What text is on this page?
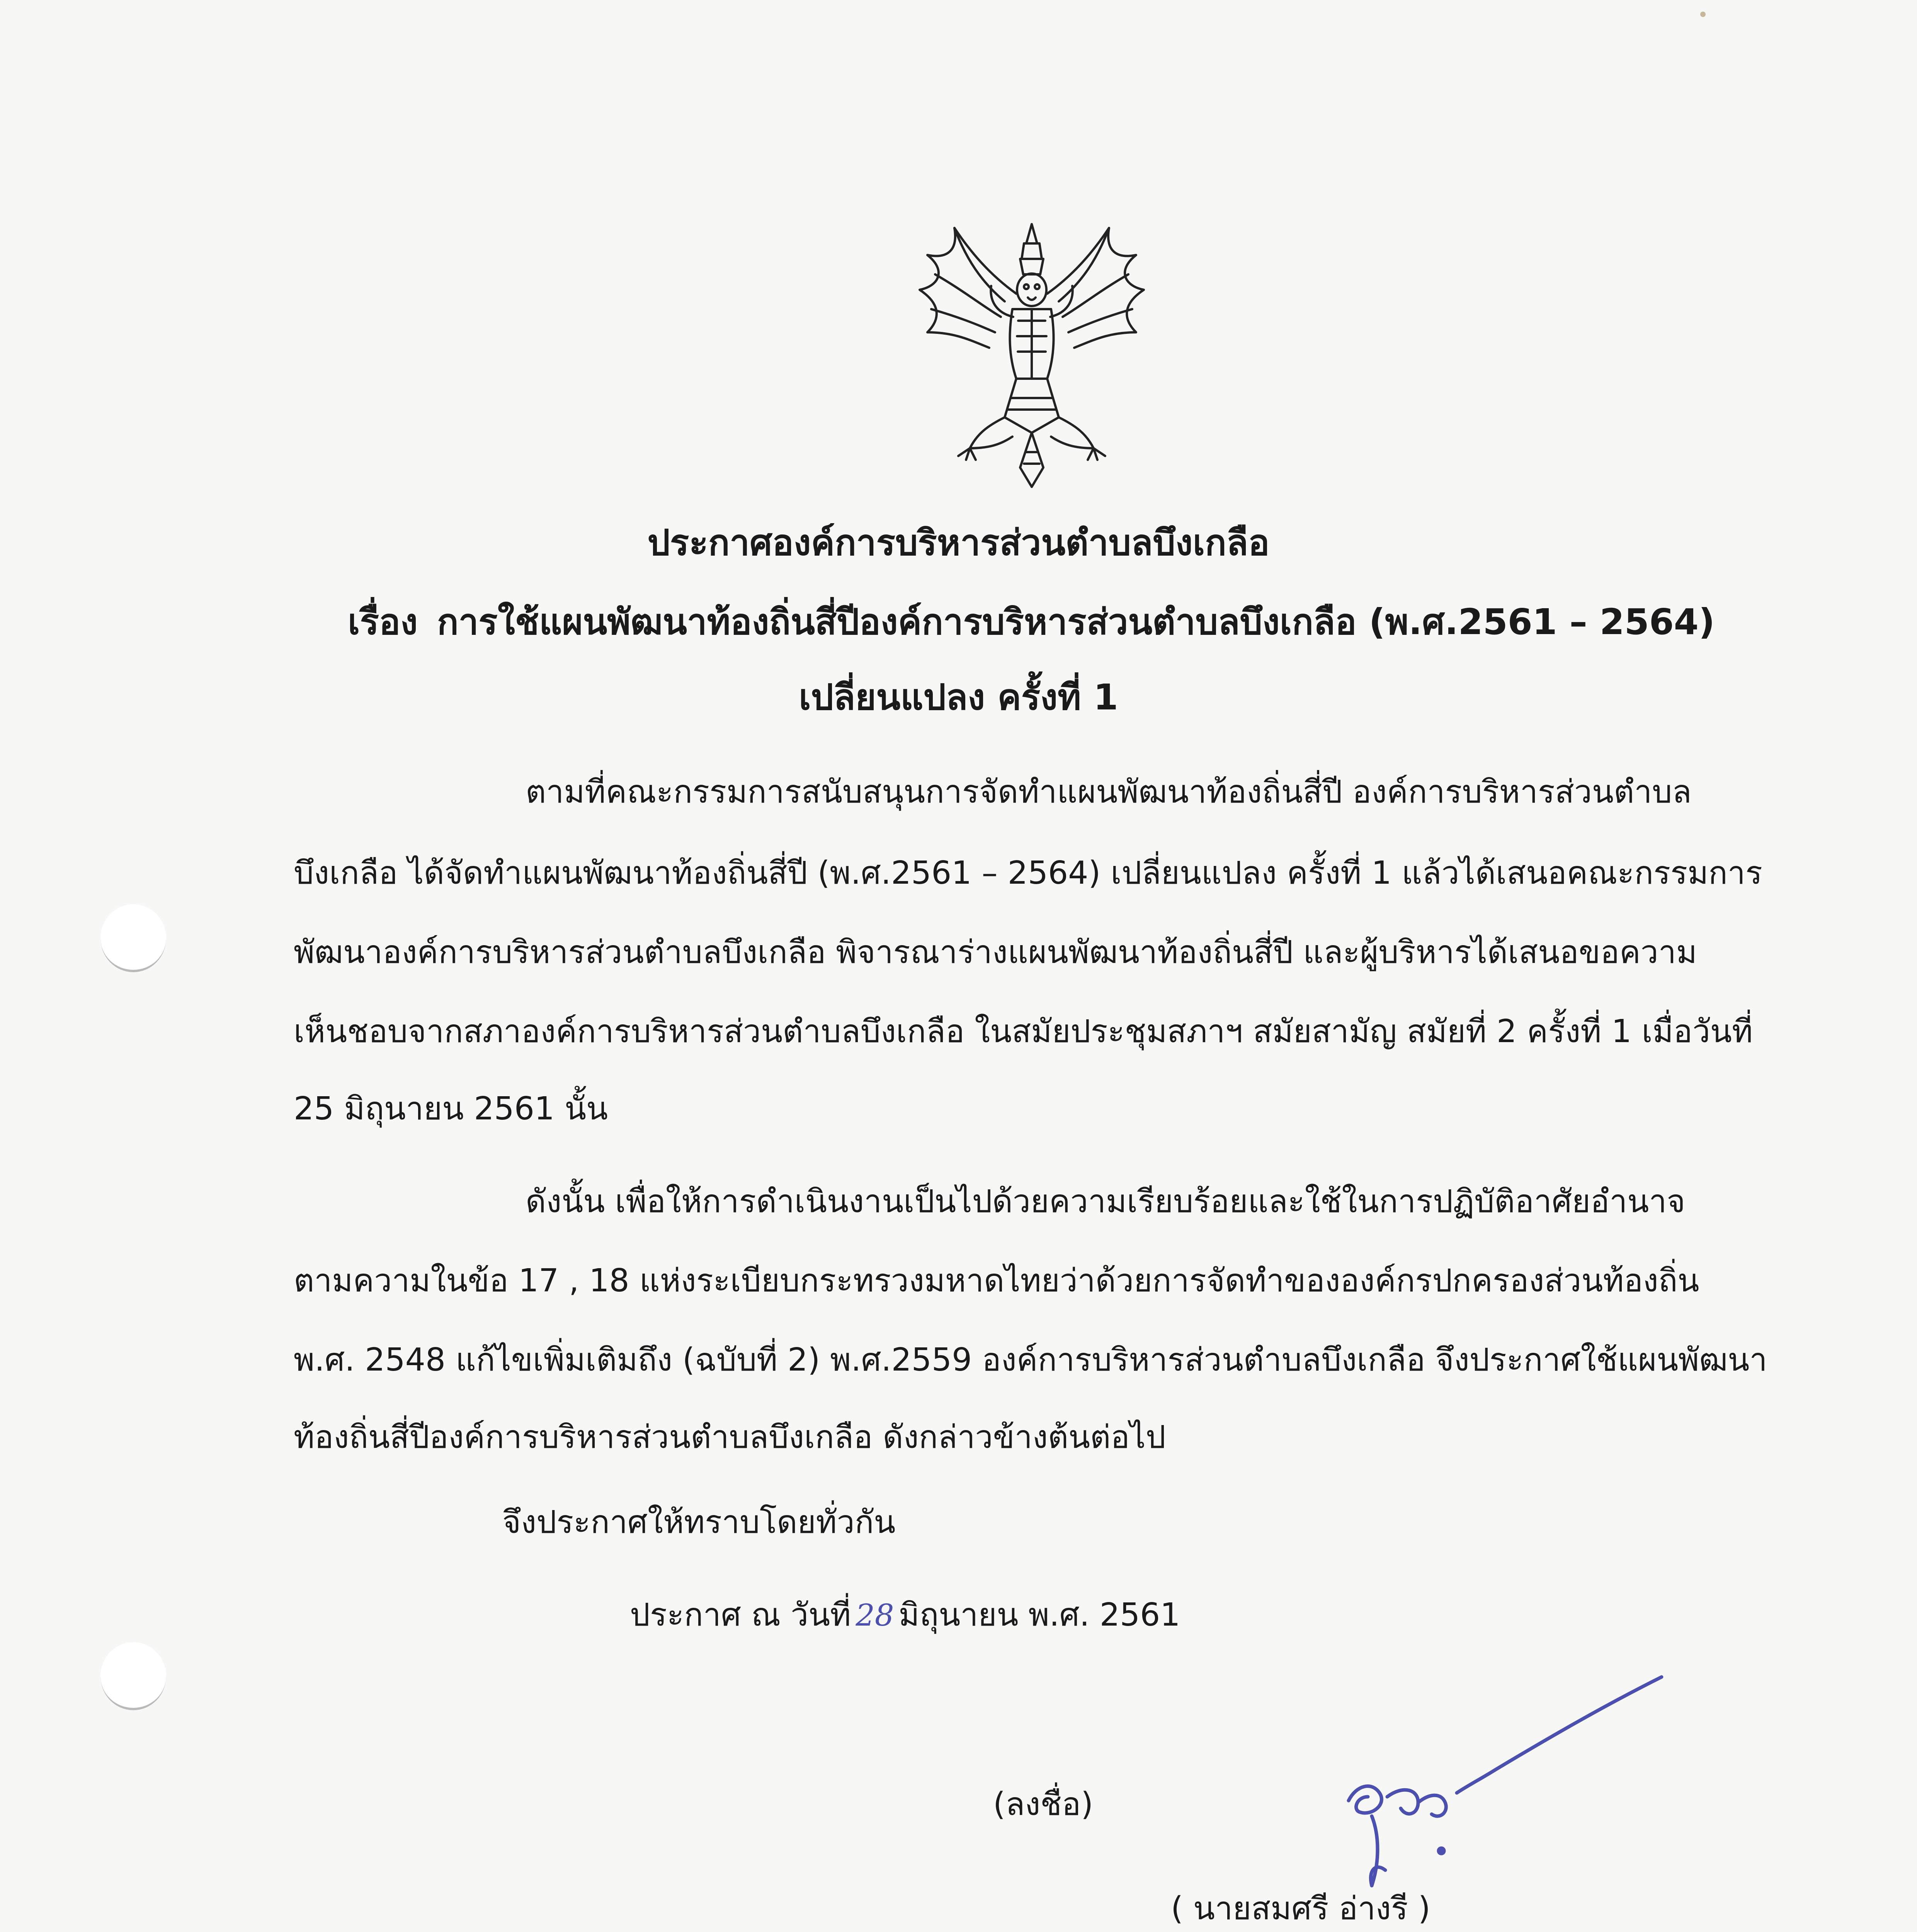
ประกาศองค์การบริหารส่วนตำบลบึงเกลือ
เรื่อง การใช้แผนพัฒนาท้องถิ่นสี่ปีองค์การบริหารส่วนตำบลบึงเกลือ (พ.ศ.2561 – 2564)
เปลี่ยนแปลง ครั้งที่ 1
ตามที่คณะกรรมการสนับสนุนการจัดทำแผนพัฒนาท้องถิ่นสี่ปี องค์การบริหารส่วนตำบล
บึงเกลือ ได้จัดทำแผนพัฒนาท้องถิ่นสี่ปี (พ.ศ.2561 – 2564) เปลี่ยนแปลง ครั้งที่ 1 แล้วได้เสนอคณะกรรมการ
พัฒนาองค์การบริหารส่วนตำบลบึงเกลือ พิจารณาร่างแผนพัฒนาท้องถิ่นสี่ปี และผู้บริหารได้เสนอขอความ
เห็นชอบจากสภาองค์การบริหารส่วนตำบลบึงเกลือ ในสมัยประชุมสภาฯ สมัยสามัญ สมัยที่ 2 ครั้งที่ 1 เมื่อวันที่
25 มิถุนายน 2561 นั้น
ดังนั้น เพื่อให้การดำเนินงานเป็นไปด้วยความเรียบร้อยและใช้ในการปฏิบัติอาศัยอำนาจ
ตามความในข้อ 17 , 18 แห่งระเบียบกระทรวงมหาดไทยว่าด้วยการจัดทำขององค์กรปกครองส่วนท้องถิ่น
พ.ศ. 2548 แก้ไขเพิ่มเติมถึง (ฉบับที่ 2) พ.ศ.2559 องค์การบริหารส่วนตำบลบึงเกลือ จึงประกาศใช้แผนพัฒนา
ท้องถิ่นสี่ปีองค์การบริหารส่วนตำบลบึงเกลือ ดังกล่าวข้างต้นต่อไป
จึงประกาศให้ทราบโดยทั่วกัน
ประกาศ ณ วันที่ 28 มิถุนายน พ.ศ. 2561
(ลงชื่อ)
( นายสมศรี อ่างรี )
